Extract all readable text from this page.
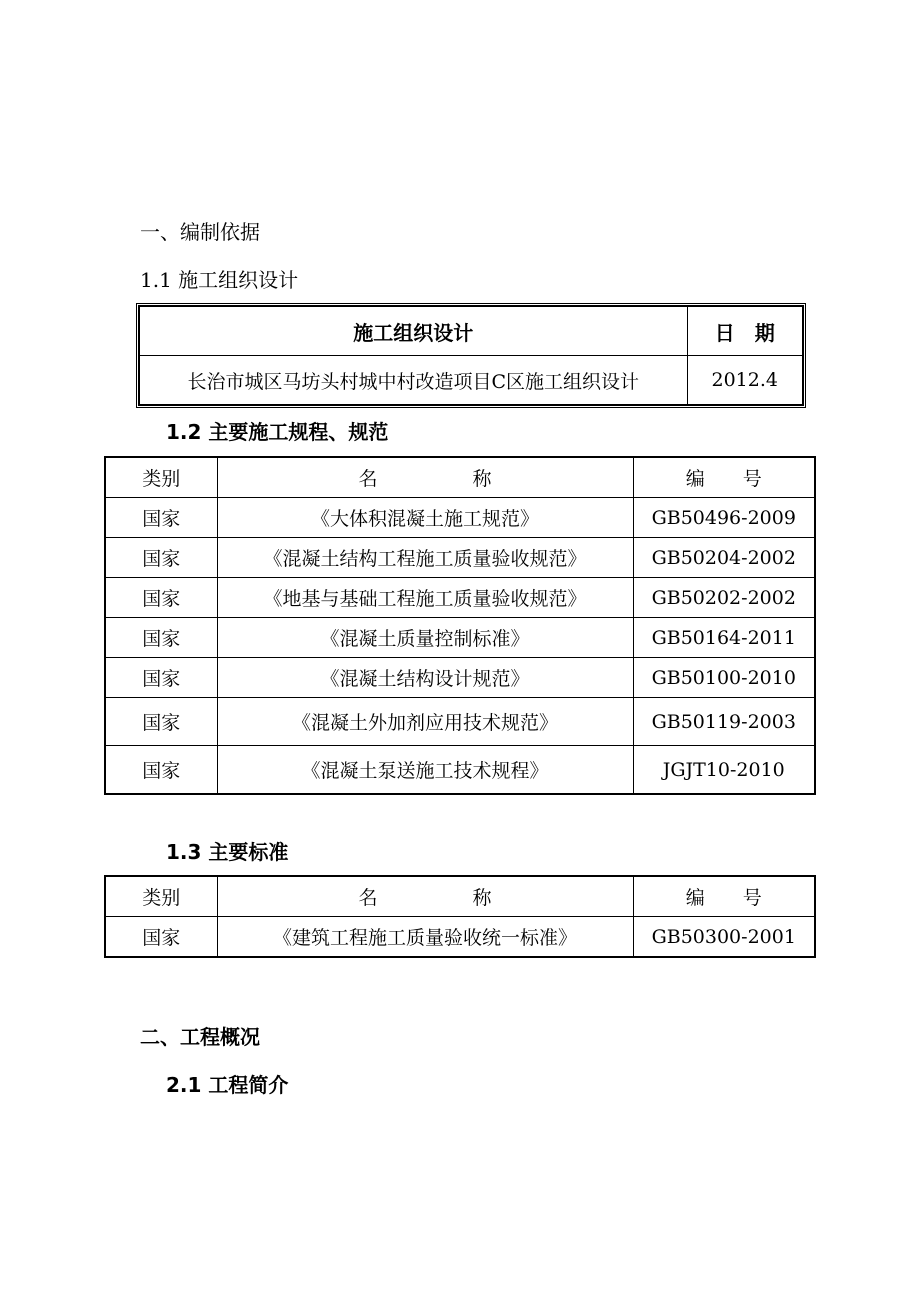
一、编制依据
1.1 施工组织设计
施工组织设计	日　期
长治市城区马坊头村城中村改造项目C区施工组织设计	2012.4
1.2 主要施工规程、规范
类别	名　　　　　称	编　　号
国家	《大体积混凝土施工规范》	GB50496-2009
国家	《混凝土结构工程施工质量验收规范》	GB50204-2002
国家	《地基与基础工程施工质量验收规范》	GB50202-2002
国家	《混凝土质量控制标准》	GB50164-2011
国家	《混凝土结构设计规范》	GB50100-2010
国家	《混凝土外加剂应用技术规范》	GB50119-2003
国家	《混凝土泵送施工技术规程》	JGJT10-2010
1.3 主要标准
类别	名　　　　　称	编　　号
国家	《建筑工程施工质量验收统一标准》	GB50300-2001
二、工程概况
2.1 工程简介
